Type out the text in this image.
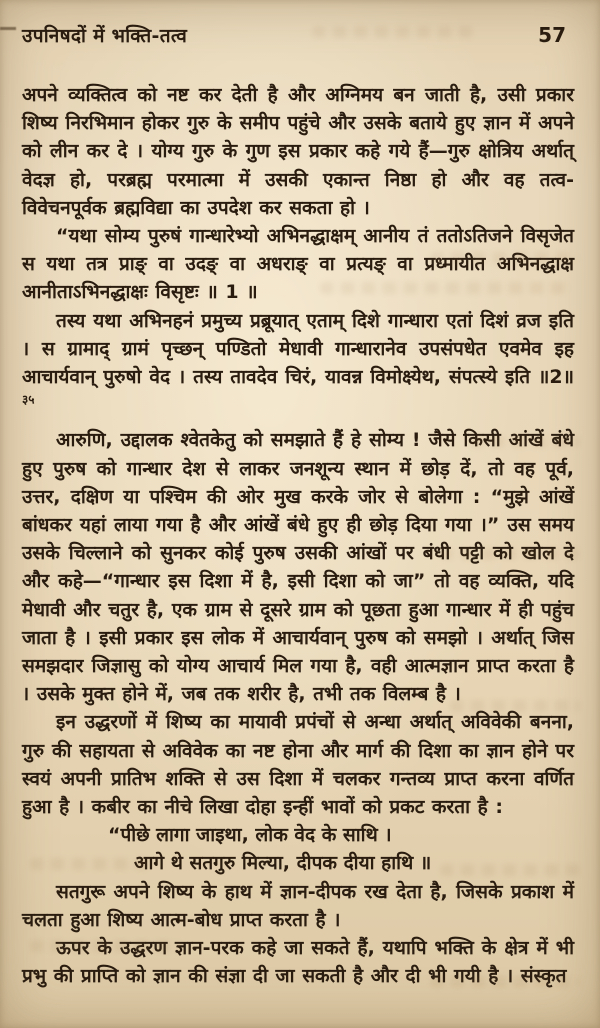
उपनिषदों में भक्ति-तत्व	57

अपने व्यक्तित्व को नष्ट कर देती है और अग्निमय बन जाती है, उसी प्रकार शिष्य निरभिमान होकर गुरु के समीप पहुंचे और उसके बताये हुए ज्ञान में अपने को लीन कर दे । योग्य गुरु के गुण इस प्रकार कहे गये हैं—गुरु क्षोत्रिय अर्थात् वेदज्ञ हो, परब्रह्म परमात्मा में उसकी एकान्त निष्ठा हो और वह तत्व-विवेचनपूर्वक ब्रह्मविद्या का उपदेश कर सकता हो ।

“यथा सोम्य पुरुषं गान्धारेभ्यो अभिनद्धाक्षम् आनीय तं ततोऽतिजने विसृजेत स यथा तत्र प्राङ् वा उदङ् वा अधराङ् वा प्रत्यङ् वा प्रध्मायीत अभिनद्धाक्ष आनीताऽभिनद्धाक्षः विसृष्टः ॥ 1 ॥

तस्य यथा अभिनहनं प्रमुच्य प्रब्रूयात् एताम् दिशे गान्धारा एतां दिशं व्रज इति । स ग्रामाद् ग्रामं पृच्छन् पण्डितो मेधावी गान्धारानेव उपसंपधेत एवमेव इह आचार्यवान् पुरुषो वेद । तस्य तावदेव चिरं, यावन्न विमोक्ष्येथ, संपत्स्ये इति ॥2॥$^{३५}$

आरुणि, उद्दालक श्वेतकेतु को समझाते हैं हे सोम्य ! जैसे किसी आंखें बंधे हुए पुरुष को गान्धार देश से लाकर जनशून्य स्थान में छोड़ दें, तो वह पूर्व, उत्तर, दक्षिण या पश्चिम की ओर मुख करके जोर से बोलेगा : “मुझे आंखें बांधकर यहां लाया गया है और आंखें बंधे हुए ही छोड़ दिया गया ।” उस समय उसके चिल्लाने को सुनकर कोई पुरुष उसकी आंखों पर बंधी पट्टी को खोल दे और कहे—“गान्धार इस दिशा में है, इसी दिशा को जा” तो वह व्यक्ति, यदि मेधावी और चतुर है, एक ग्राम से दूसरे ग्राम को पूछता हुआ गान्धार में ही पहुंच जाता है । इसी प्रकार इस लोक में आचार्यवान् पुरुष को समझो । अर्थात् जिस समझदार जिज्ञासु को योग्य आचार्य मिल गया है, वही आत्मज्ञान प्राप्त करता है । उसके मुक्त होने में, जब तक शरीर है, तभी तक विलम्ब है ।

इन उद्धरणों में शिष्य का मायावी प्रपंचों से अन्धा अर्थात् अविवेकी बनना, गुरु की सहायता से अविवेक का नष्ट होना और मार्ग की दिशा का ज्ञान होने पर स्वयं अपनी प्रातिभ शक्ति से उस दिशा में चलकर गन्तव्य प्राप्त करना वर्णित हुआ है । कबीर का नीचे लिखा दोहा इन्हीं भावों को प्रकट करता है :

“पीछे लागा जाइथा, लोक वेद के साथि ।
आगे थे सतगुरु मिल्या, दीपक दीया हाथि ॥

सतगुरू अपने शिष्य के हाथ में ज्ञान-दीपक रख देता है, जिसके प्रकाश में चलता हुआ शिष्य आत्म-बोध प्राप्त करता है ।

ऊपर के उद्धरण ज्ञान-परक कहे जा सकते हैं, यथापि भक्ति के क्षेत्र में भी प्रभु की प्राप्ति को ज्ञान की संज्ञा दी जा सकती है और दी भी गयी है । संस्कृत
